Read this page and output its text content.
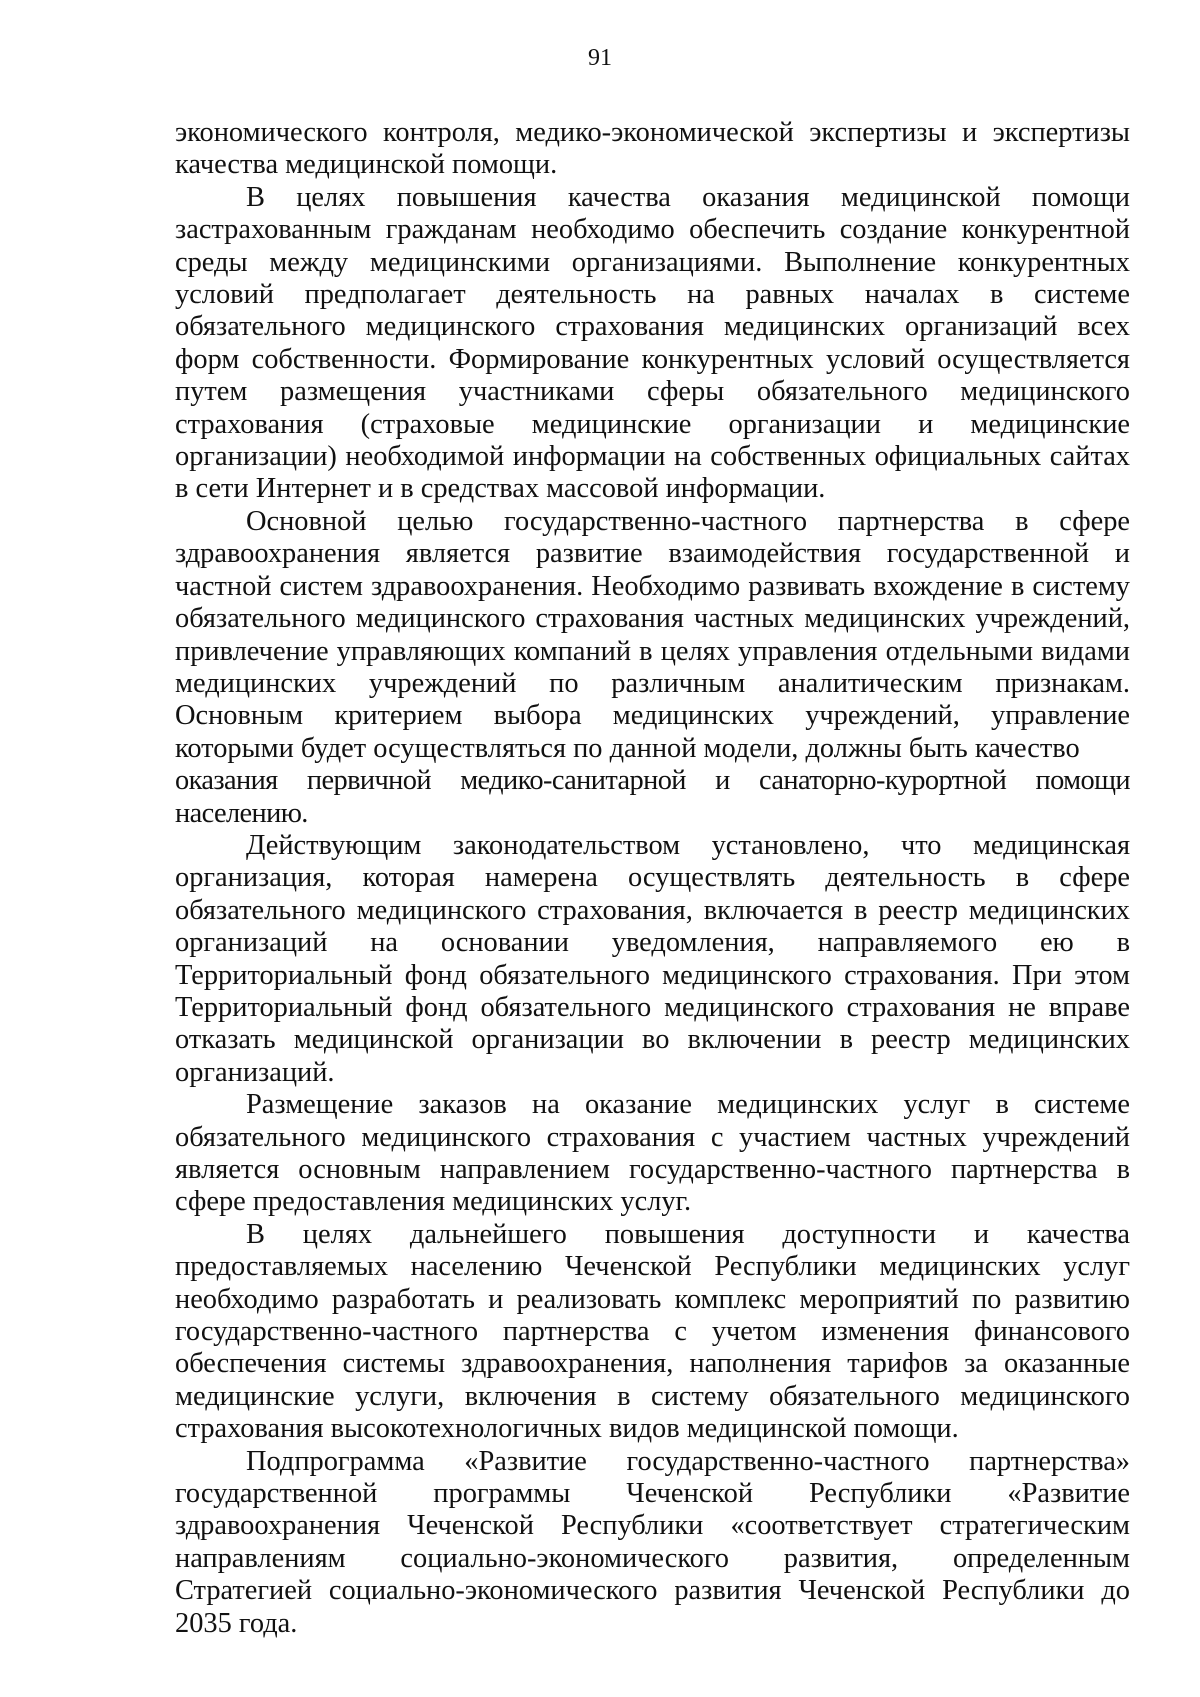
91

экономического контроля, медико-экономической экспертизы и экспертизы качества медицинской помощи.

В целях повышения качества оказания медицинской помощи застрахованным гражданам необходимо обеспечить создание конкурентной среды между медицинскими организациями. Выполнение конкурентных условий предполагает деятельность на равных началах в системе обязательного медицинского страхования медицинских организаций всех форм собственности. Формирование конкурентных условий осуществляется путем размещения участниками сферы обязательного медицинского страхования (страховые медицинские организации и медицинские организации) необходимой информации на собственных официальных сайтах в сети Интернет и в средствах массовой информации.

Основной целью государственно-частного партнерства в сфере здравоохранения является развитие взаимодействия государственной и частной систем здравоохранения. Необходимо развивать вхождение в систему обязательного медицинского страхования частных медицинских учреждений, привлечение управляющих компаний в целях управления отдельными видами медицинских учреждений по различным аналитическим признакам. Основным критерием выбора медицинских учреждений, управление которыми будет осуществляться по данной модели, должны быть качество

оказания первичной медико-санитарной и санаторно-курортной помощи населению.

Действующим законодательством установлено, что медицинская организация, которая намерена осуществлять деятельность в сфере обязательного медицинского страхования, включается в реестр медицинских организаций на основании уведомления, направляемого ею в Территориальный фонд обязательного медицинского страхования. При этом Территориальный фонд обязательного медицинского страхования не вправе отказать медицинской организации во включении в реестр медицинских организаций.

Размещение заказов на оказание медицинских услуг в системе обязательного медицинского страхования с участием частных учреждений является основным направлением государственно-частного партнерства в сфере предоставления медицинских услуг.

В целях дальнейшего повышения доступности и качества предоставляемых населению Чеченской Республики медицинских услуг необходимо разработать и реализовать комплекс мероприятий по развитию государственно-частного партнерства с учетом изменения финансового обеспечения системы здравоохранения, наполнения тарифов за оказанные медицинские услуги, включения в систему обязательного медицинского страхования высокотехнологичных видов медицинской помощи.

Подпрограмма «Развитие государственно-частного партнерства» государственной программы Чеченской Республики «Развитие здравоохранения Чеченской Республики «соответствует стратегическим направлениям социально-экономического развития, определенным Стратегией социально-экономического развития Чеченской Республики до 2035 года.
